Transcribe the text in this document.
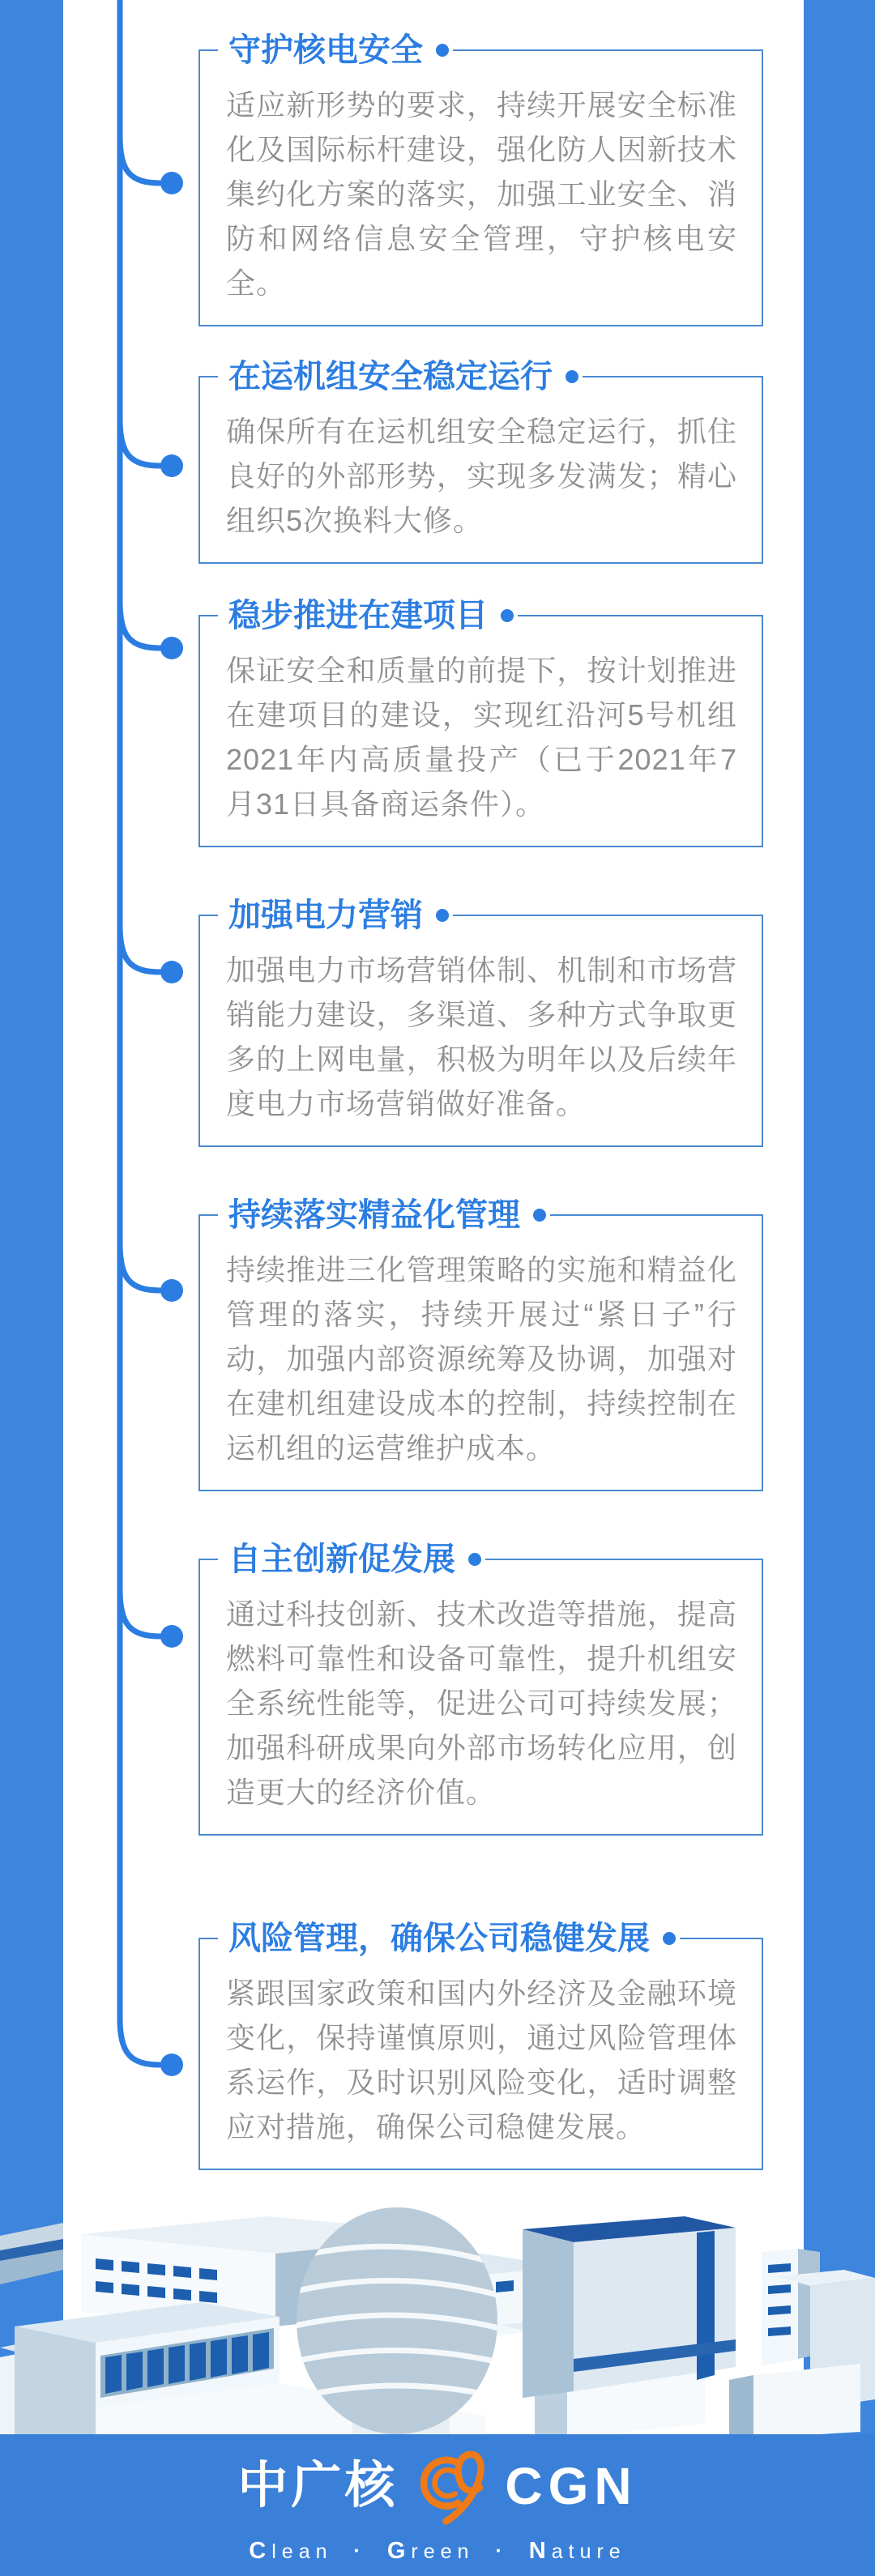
守护核电安全

适应新形势的要求，持续开展安全标准化及国际标杆建设，强化防人因新技术集约化方案的落实，加强工业安全、消防和网络信息安全管理，守护核电安全。

在运机组安全稳定运行

确保所有在运机组安全稳定运行，抓住良好的外部形势，实现多发满发；精心组织5次换料大修。

稳步推进在建项目

保证安全和质量的前提下，按计划推进在建项目的建设，实现红沿河5号机组2021年内高质量投产（已于2021年7月31日具备商运条件）。

加强电力营销

加强电力市场营销体制、机制和市场营销能力建设，多渠道、多种方式争取更多的上网电量，积极为明年以及后续年度电力市场营销做好准备。

持续落实精益化管理

持续推进三化管理策略的实施和精益化管理的落实，持续开展过“紧日子”行动，加强内部资源统筹及协调，加强对在建机组建设成本的控制，持续控制在运机组的运营维护成本。

自主创新促发展

通过科技创新、技术改造等措施，提高燃料可靠性和设备可靠性，提升机组安全系统性能等，促进公司可持续发展；加强科研成果向外部市场转化应用，创造更大的经济价值。

风险管理，确保公司稳健发展

紧跟国家政策和国内外经济及金融环境变化，保持谨慎原则，通过风险管理体系运作，及时识别风险变化，适时调整应对措施，确保公司稳健发展。

中广核 CGN
Clean · Green · Nature
